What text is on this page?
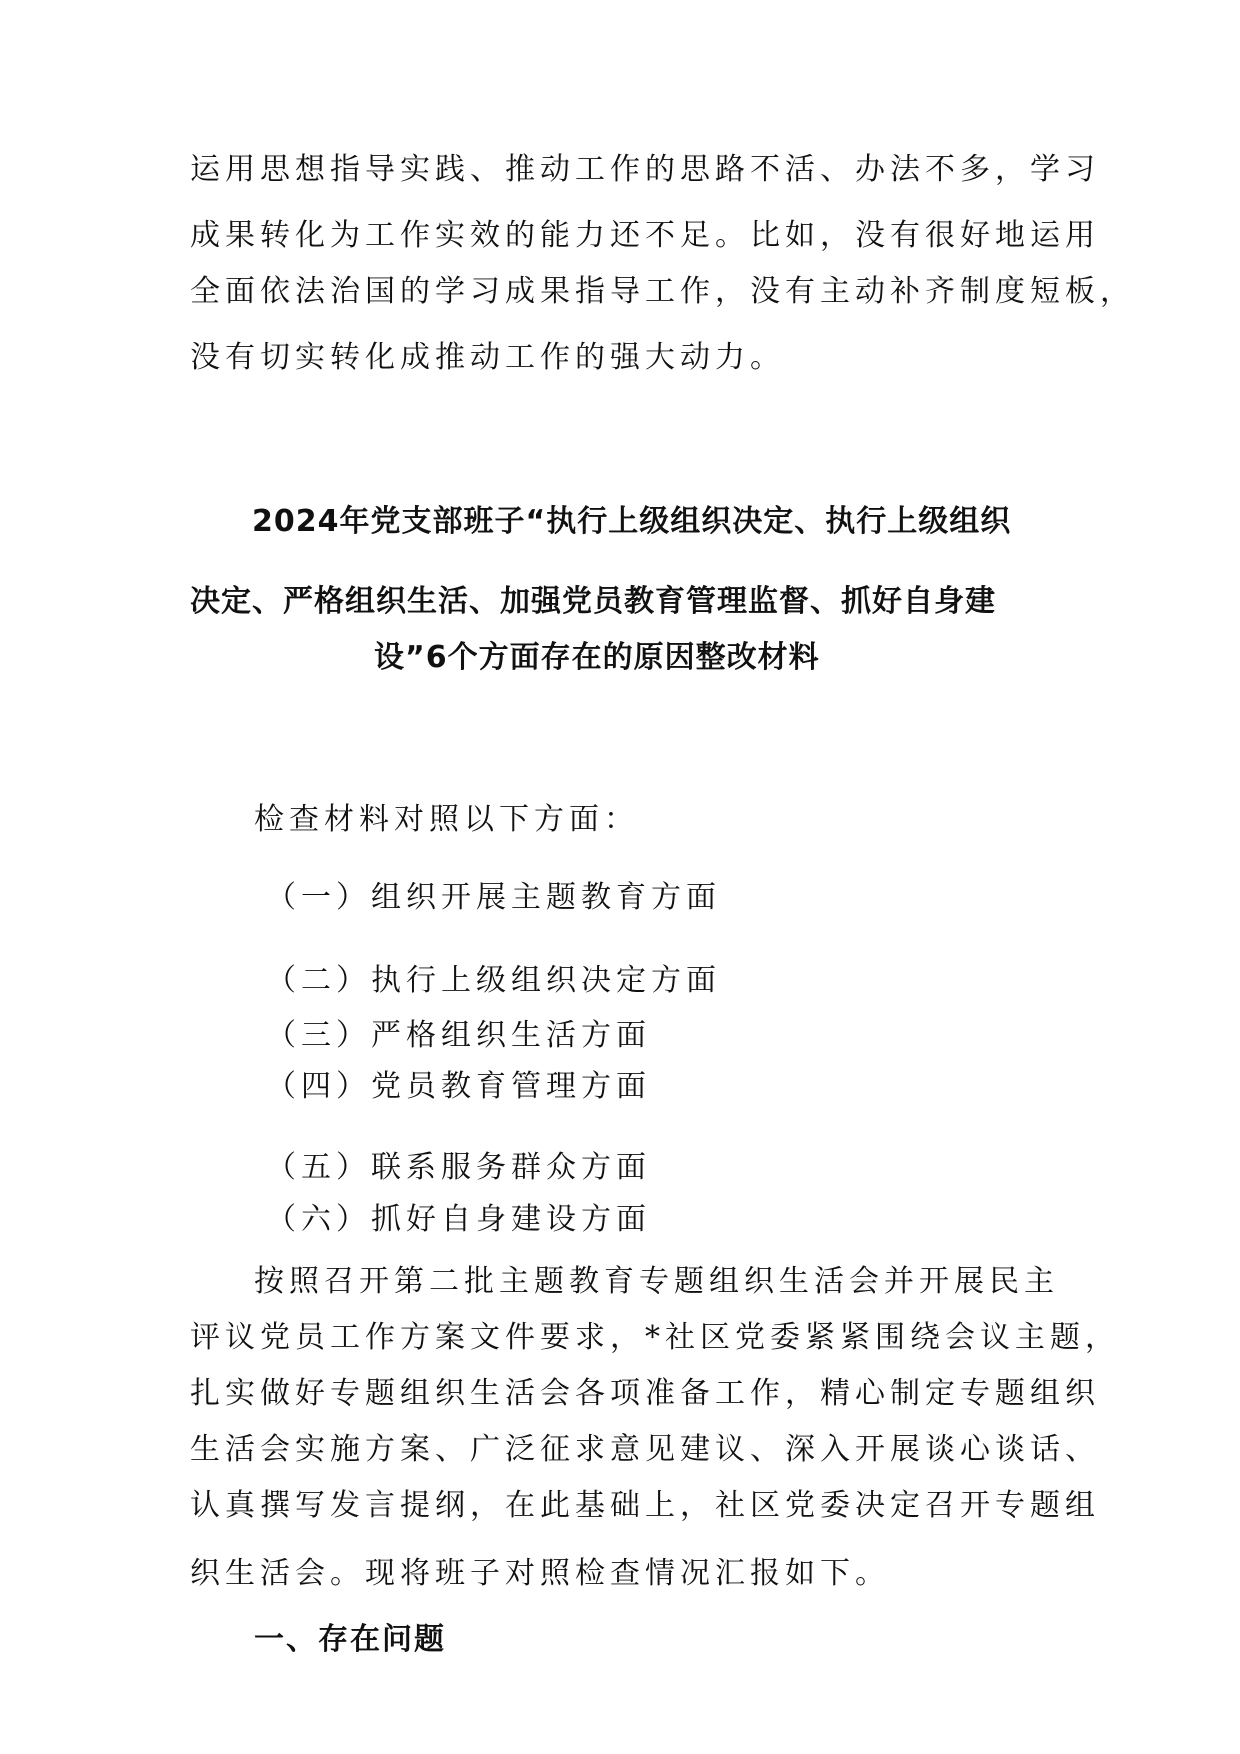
运用思想指导实践、推动工作的思路不活、办法不多，学习
成果转化为工作实效的能力还不足。比如，没有很好地运用
全面依法治国的学习成果指导工作，没有主动补齐制度短板，
没有切实转化成推动工作的强大动力。
2024年党支部班子“执行上级组织决定、执行上级组织
决定、严格组织生活、加强党员教育管理监督、抓好自身建
设”6个方面存在的原因整改材料
检查材料对照以下方面：
（一）组织开展主题教育方面
（二）执行上级组织决定方面
（三）严格组织生活方面
（四）党员教育管理方面
（五）联系服务群众方面
（六）抓好自身建设方面
按照召开第二批主题教育专题组织生活会并开展民主
评议党员工作方案文件要求，*社区党委紧紧围绕会议主题，
扎实做好专题组织生活会各项准备工作，精心制定专题组织
生活会实施方案、广泛征求意见建议、深入开展谈心谈话、
认真撰写发言提纲，在此基础上，社区党委决定召开专题组
织生活会。现将班子对照检查情况汇报如下。
一、存在问题
